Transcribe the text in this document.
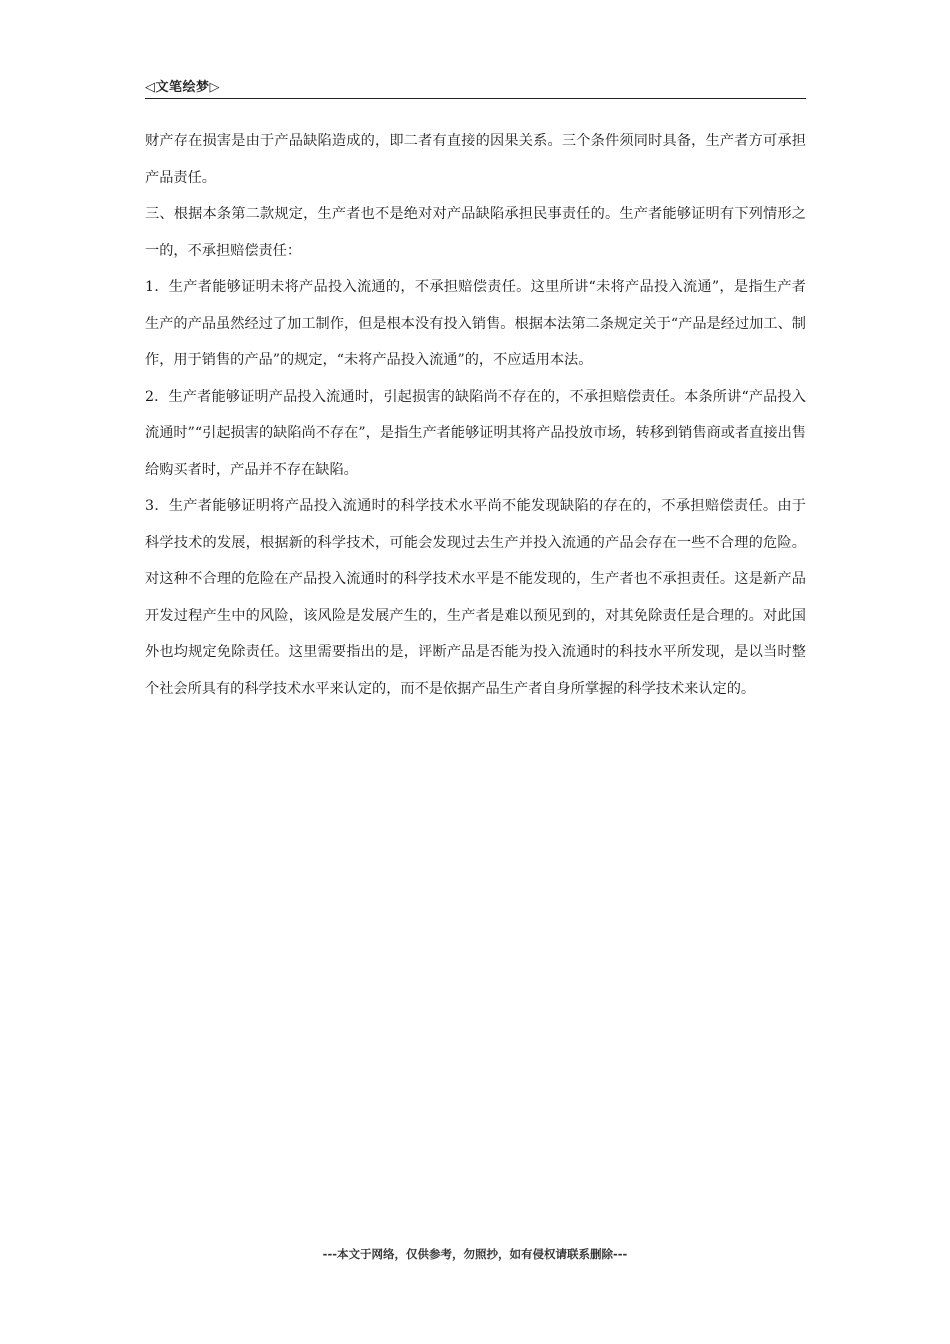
◁文笔绘梦▷

财产存在损害是由于产品缺陷造成的，即二者有直接的因果关系。三个条件须同时具备，生产者方可承担产品责任。

三、根据本条第二款规定，生产者也不是绝对对产品缺陷承担民事责任的。生产者能够证明有下列情形之一的，不承担赔偿责任：

1．生产者能够证明未将产品投入流通的，不承担赔偿责任。这里所讲“未将产品投入流通”，是指生产者生产的产品虽然经过了加工制作，但是根本没有投入销售。根据本法第二条规定关于“产品是经过加工、制作，用于销售的产品”的规定，“未将产品投入流通”的，不应适用本法。

2．生产者能够证明产品投入流通时，引起损害的缺陷尚不存在的，不承担赔偿责任。本条所讲“产品投入流通时”“引起损害的缺陷尚不存在”，是指生产者能够证明其将产品投放市场，转移到销售商或者直接出售给购买者时，产品并不存在缺陷。

3．生产者能够证明将产品投入流通时的科学技术水平尚不能发现缺陷的存在的，不承担赔偿责任。由于科学技术的发展，根据新的科学技术，可能会发现过去生产并投入流通的产品会存在一些不合理的危险。对这种不合理的危险在产品投入流通时的科学技术水平是不能发现的，生产者也不承担责任。这是新产品开发过程产生中的风险，该风险是发展产生的，生产者是难以预见到的，对其免除责任是合理的。对此国外也均规定免除责任。这里需要指出的是，评断产品是否能为投入流通时的科技水平所发现，是以当时整个社会所具有的科学技术水平来认定的，而不是依据产品生产者自身所掌握的科学技术来认定的。

---本文于网络，仅供参考，勿照抄，如有侵权请联系删除---
